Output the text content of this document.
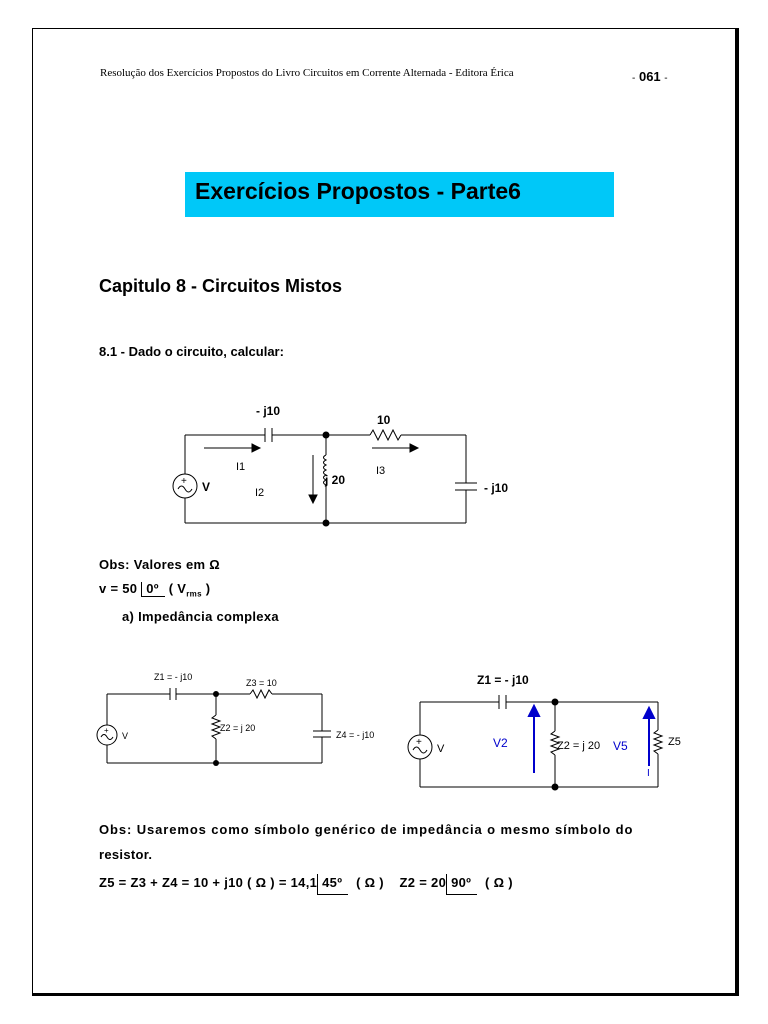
Resolução dos Exercícios Propostos do Livro Circuitos em Corrente Alternada - Editora Érica	- 061 -
Exercícios Propostos - Parte6
Capitulo 8 - Circuitos Mistos
8.1 - Dado o circuito, calcular:
+
- j10
10
j 20
- j10
V
I1
I2
I3
Obs: Valores em Ω
v = 50 0º ( $V_{rms}$ )
a) Impedância complexa
+
Z1 = - j10
Z3 = 10
Z2 = j 20
Z4 = - j10
V
+
Z1 = - j10
Z2 = j 20	Z5
V2	V5
V
I
Obs: Usaremos como símbolo genérico de impedância o mesmo símbolo do
resistor.
Z5 = Z3 + Z4 = 10 + j10 ( Ω ) = 14,1 45º ( Ω ) Z2 = 20 90º ( Ω )
